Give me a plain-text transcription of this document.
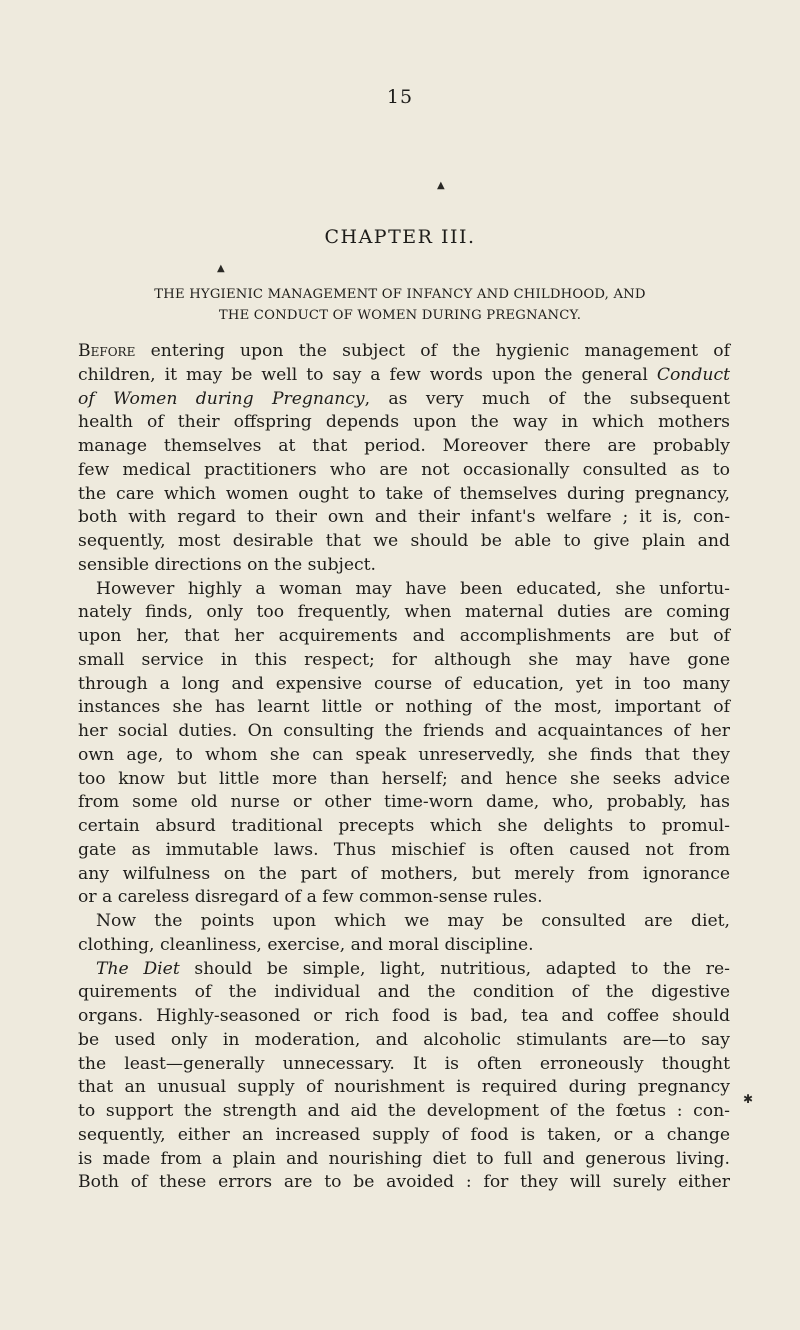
15
▲
CHAPTER III.
▲
THE HYGIENIC MANAGEMENT OF INFANCY AND CHILDHOOD, AND
THE CONDUCT OF WOMEN DURING PREGNANCY.
Before entering upon the subject of the hygienic management of
children, it may be well to say a few words upon the general Conduct
of Women during Pregnancy, as very much of the subsequent
health of their offspring depends upon the way in which mothers
manage themselves at that period. Moreover there are probably
few medical practitioners who are not occasionally consulted as to
the care which women ought to take of themselves during pregnancy,
both with regard to their own and their infant's welfare ; it is, con-
sequently, most desirable that we should be able to give plain and
sensible directions on the subject.
However highly a woman may have been educated, she unfortu-
nately finds, only too frequently, when maternal duties are coming
upon her, that her acquirements and accomplishments are but of
small service in this respect; for although she may have gone
through a long and expensive course of education, yet in too many
instances she has learnt little or nothing of the most, important of
her social duties. On consulting the friends and acquaintances of her
own age, to whom she can speak unreservedly, she finds that they
too know but little more than herself; and hence she seeks advice
from some old nurse or other time-worn dame, who, probably, has
certain absurd traditional precepts which she delights to promul-
gate as immutable laws. Thus mischief is often caused not from
any wilfulness on the part of mothers, but merely from ignorance
or a careless disregard of a few common-sense rules.
Now the points upon which we may be consulted are diet,
clothing, cleanliness, exercise, and moral discipline.
The Diet should be simple, light, nutritious, adapted to the re-
quirements of the individual and the condition of the digestive
organs. Highly-seasoned or rich food is bad, tea and coffee should
be used only in moderation, and alcoholic stimulants are—to say
the least—generally unnecessary. It is often erroneously thought
that an unusual supply of nourishment is required during pregnancy
to support the strength and aid the development of the fœtus : con-
sequently, either an increased supply of food is taken, or a change
is made from a plain and nourishing diet to full and generous living.
Both of these errors are to be avoided : for they will surely either
✱
